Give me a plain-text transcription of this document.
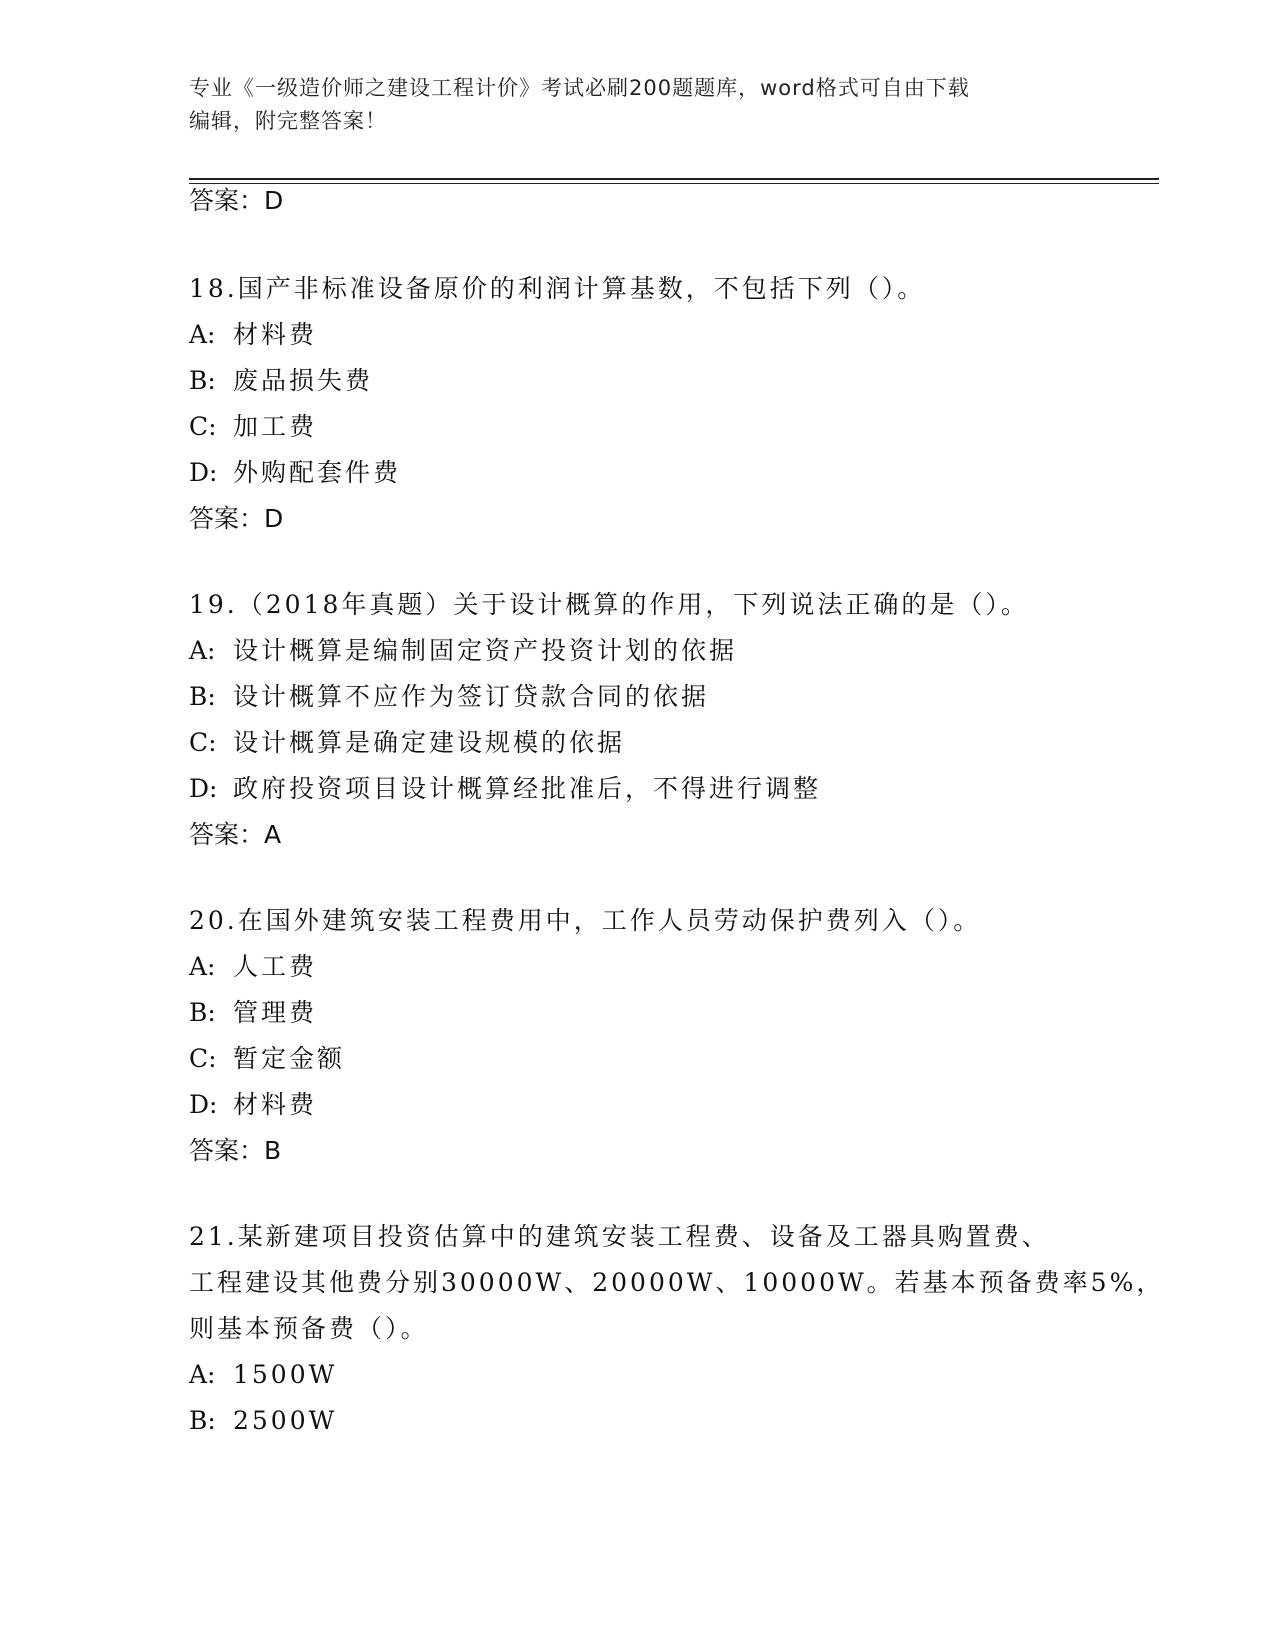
专业《一级造价师之建设工程计价》考试必刷200题题库，word格式可自由下载
编辑，附完整答案！
答案：D
18.国产非标准设备原价的利润计算基数，不包括下列（）。
A: 材料费
B: 废品损失费
C: 加工费
D: 外购配套件费
答案：D
19.（2018年真题）关于设计概算的作用，下列说法正确的是（）。
A: 设计概算是编制固定资产投资计划的依据
B: 设计概算不应作为签订贷款合同的依据
C: 设计概算是确定建设规模的依据
D: 政府投资项目设计概算经批准后，不得进行调整
答案：A
20.在国外建筑安装工程费用中，工作人员劳动保护费列入（）。
A: 人工费
B: 管理费
C: 暂定金额
D: 材料费
答案：B
21.某新建项目投资估算中的建筑安装工程费、设备及工器具购置费、
工程建设其他费分别30000W、20000W、10000W。若基本预备费率5%，
则基本预备费（）。
A: 1500W
B: 2500W
